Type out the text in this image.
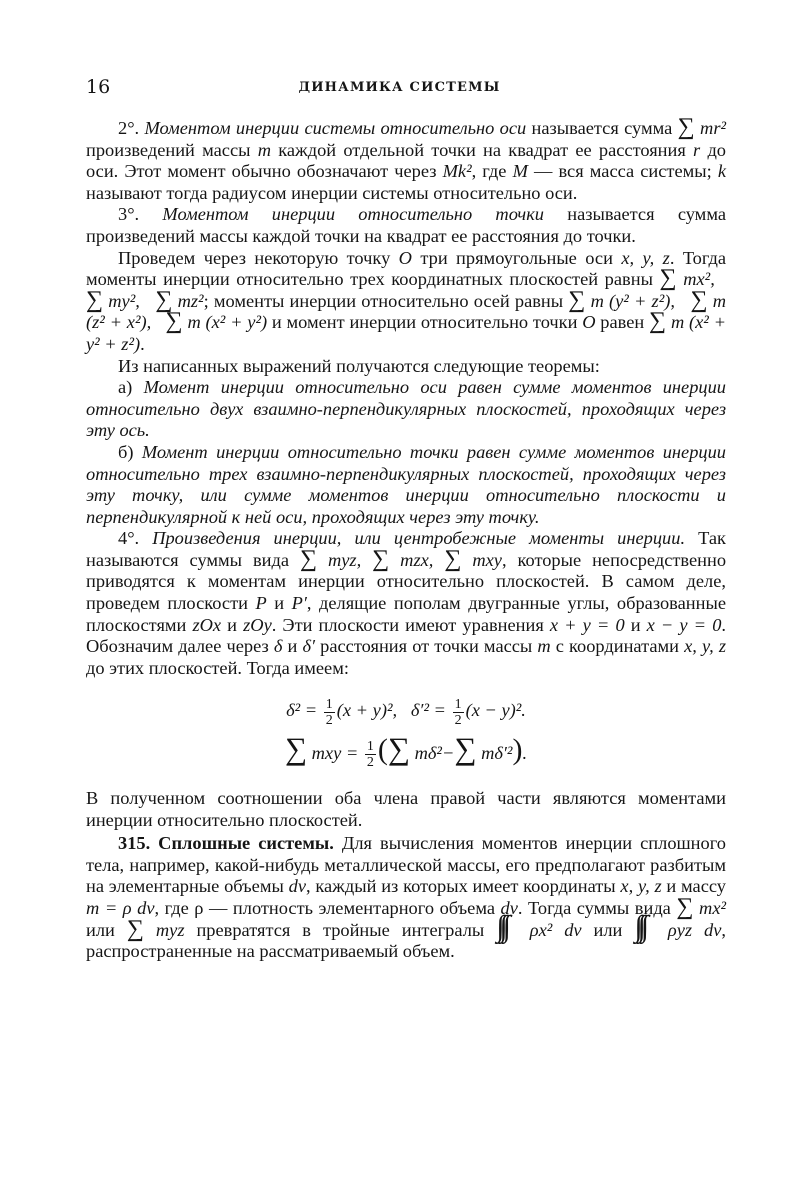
16	ДИНАМИКА СИСТЕМЫ

2°. Моментом инерции системы относительно оси называется сумма ∑ mr² произведений массы m каждой отдельной точки на квадрат ее расстояния r до оси. Этот момент обычно обозначают через Mk², где M — вся масса системы; k называют тогда радиусом инерции системы относительно оси.

3°. Моментом инерции относительно точки называется сумма произведений массы каждой точки на квадрат ее расстояния до точки.

Проведем через некоторую точку O три прямоугольные оси x, y, z. Тогда моменты инерции относительно трех координатных плоскостей равны ∑ mx²,   ∑ my², ∑ mz²; моменты инерции относительно осей равны ∑ m (y² + z²), ∑ m (z² + x²), ∑ m (x² + y²) и момент инерции относительно точки O равен ∑ m (x² + y² + z²).

Из написанных выражений получаются следующие теоремы:

а) Момент инерции относительно оси равен сумме моментов инерции относительно двух взаимно-перпендикулярных плоскостей, проходящих через эту ось.

б) Момент инерции относительно точки равен сумме моментов инерции относительно трех взаимно-перпендикулярных плоскостей, проходящих через эту точку, или сумме моментов инерции относительно плоскости и перпендикулярной к ней оси, проходящих через эту точку.

4°. Произведения инерции, или центробежные моменты инерции. Так называются суммы вида ∑ myz, ∑ mzx, ∑ mxy, которые непосредственно приводятся к моментам инерции относительно плоскостей. В самом деле, проведем плоскости P и P′, делящие пополам двугранные углы, образованные плоскостями zOx и zOy. Эти плоскости имеют уравнения x + y = 0 и x − y = 0. Обозначим далее через δ и δ′ расстояния от точки массы m с координатами x, y, z до этих плоскостей. Тогда имеем:

$\delta^2 = \frac{1}{2} (x + y)^2$, $\delta'^2 = \frac{1}{2} (x - y)^2$.

∑ mxy = $\frac{1}{2}$ (∑ mδ²−∑ mδ′²).

В полученном соотношении оба члена правой части являются моментами инерции относительно плоскостей.

315. Сплошные системы. Для вычисления моментов инерции сплошного тела, например, какой-нибудь металлической массы, его предполагают разбитым на элементарные объемы dv, каждый из которых имеет координаты x, y, z и массу m = ρ dv, где ρ — плотность элементарного объема dv. Тогда суммы вида ∑ mx² или ∑ myz превратятся в тройные интегралы ∫∫∫ ρx² dv или ∫∫∫ ρyz dv, распространенные на рассматриваемый объем.
